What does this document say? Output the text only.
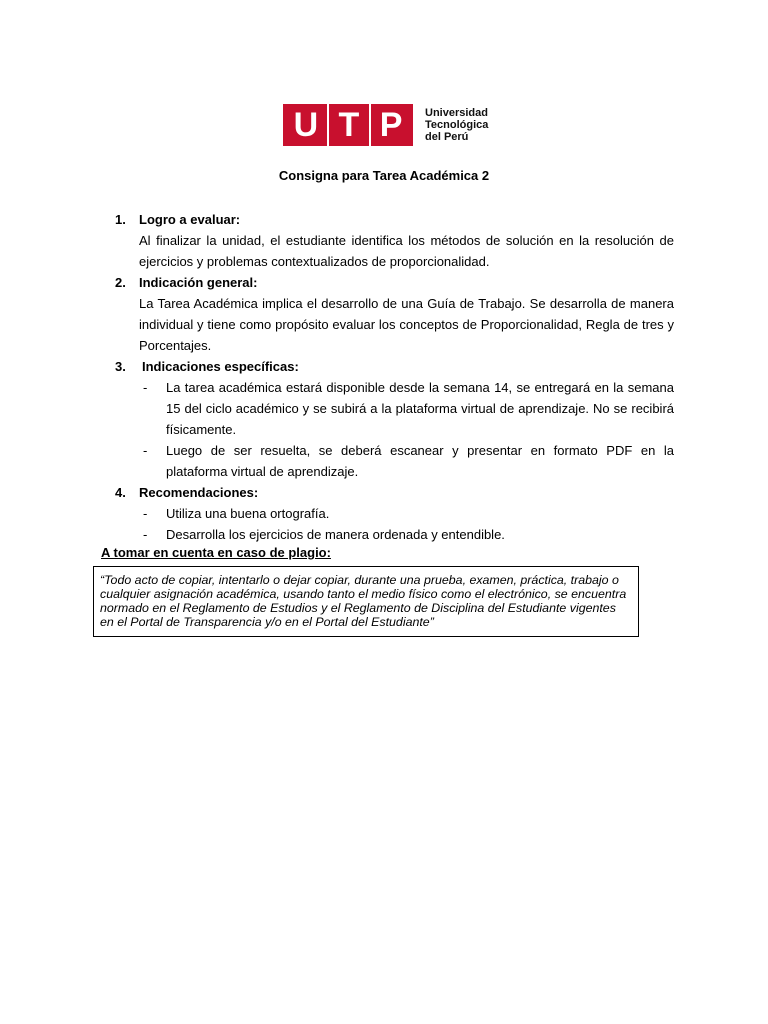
U T P Universidad
Tecnológica
del Perú
Consigna para Tarea Académica 2
1. Logro a evaluar:
Al finalizar la unidad, el estudiante identifica los métodos de solución en la resolución de ejercicios y problemas contextualizados de proporcionalidad.
2. Indicación general:
La Tarea Académica implica el desarrollo de una Guía de Trabajo. Se desarrolla de manera individual y tiene como propósito evaluar los conceptos de Proporcionalidad, Regla de tres y Porcentajes.
3. Indicaciones específicas:
- La tarea académica estará disponible desde la semana 14, se entregará en la semana 15 del ciclo académico y se subirá a la plataforma virtual de aprendizaje. No se recibirá físicamente.
- Luego de ser resuelta, se deberá escanear y presentar en formato PDF en la plataforma virtual de aprendizaje.
4. Recomendaciones:
- Utiliza una buena ortografía.
- Desarrolla los ejercicios de manera ordenada y entendible.
A tomar en cuenta en caso de plagio:
“Todo acto de copiar, intentarlo o dejar copiar, durante una prueba, examen, práctica, trabajo o cualquier asignación académica, usando tanto el medio físico como el electrónico, se encuentra normado en el Reglamento de Estudios y el Reglamento de Disciplina del Estudiante vigentes en el Portal de Transparencia y/o en el Portal del Estudiante”
